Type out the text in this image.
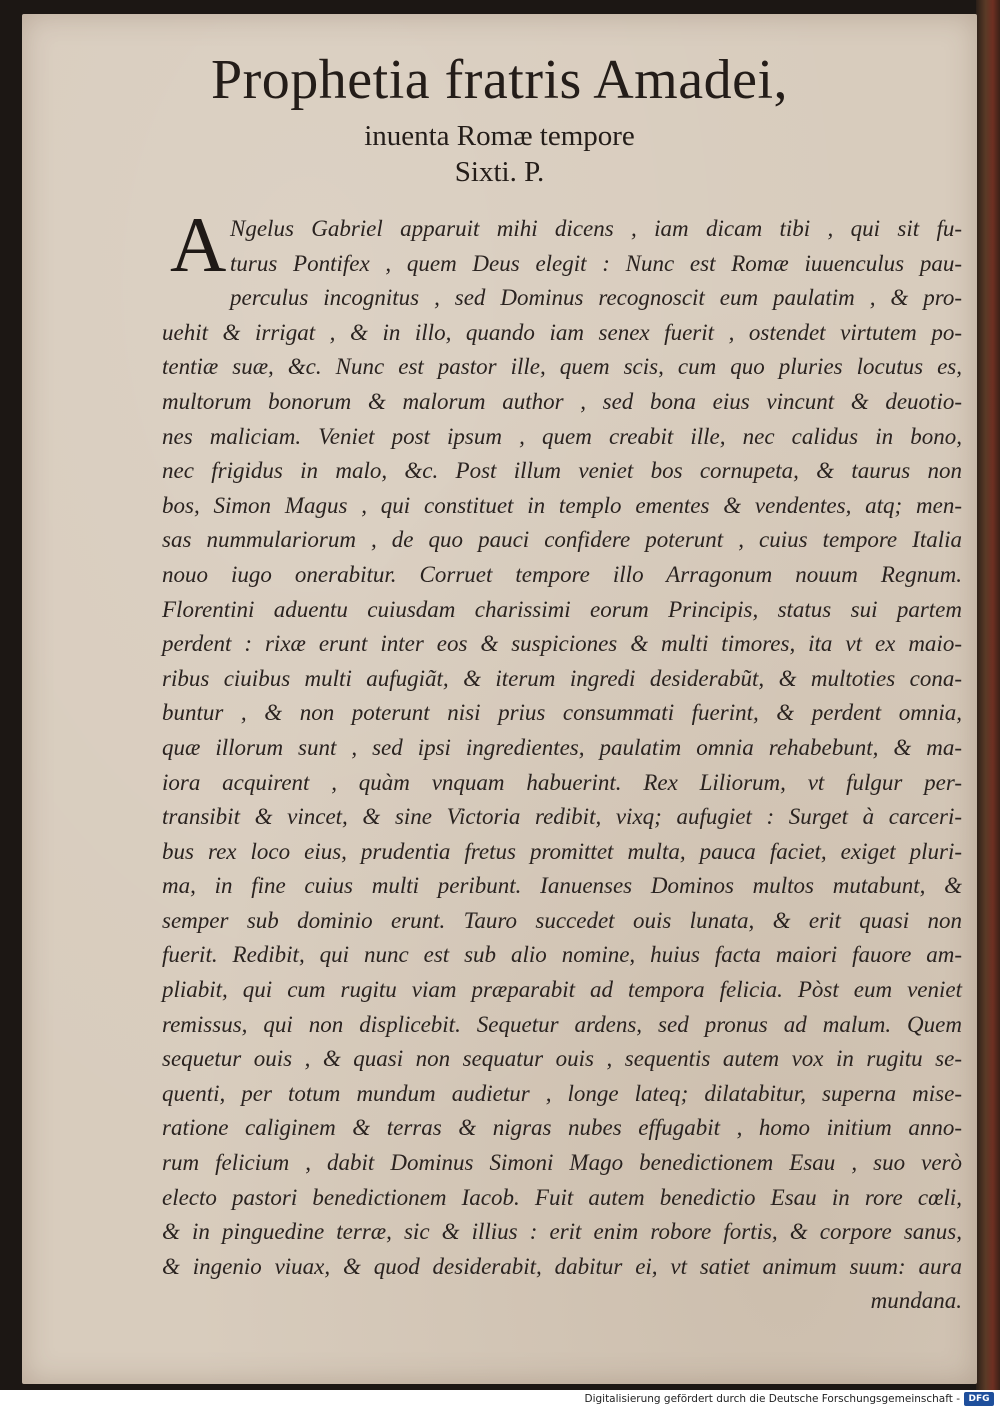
Prophetia fratris Amadei,
inuenta Romæ tempore
Sixti. P.
A Ngelus Gabriel apparuit mihi dicens , iam dicam tibi , qui sit fu-
turus Pontifex , quem Deus elegit : Nunc est Romæ iuuenculus pau-
perculus incognitus , sed Dominus recognoscit eum paulatim , & pro-
uehit & irrigat , & in illo, quando iam senex fuerit , ostendet virtutem po-
tentiæ suæ, &c. Nunc est pastor ille, quem scis, cum quo pluries locutus es,
multorum bonorum & malorum author , sed bona eius vincunt & deuotio-
nes maliciam. Veniet post ipsum , quem creabit ille, nec calidus in bono,
nec frigidus in malo, &c. Post illum veniet bos cornupeta, & taurus non
bos, Simon Magus , qui constituet in templo ementes & vendentes, atq; men-
sas nummulariorum , de quo pauci confidere poterunt , cuius tempore Italia
nouo iugo onerabitur. Corruet tempore illo Arragonum nouum Regnum.
Florentini aduentu cuiusdam charissimi eorum Principis, status sui partem
perdent : rixæ erunt inter eos & suspiciones & multi timores, ita vt ex maio-
ribus ciuibus multi aufugiãt, & iterum ingredi desiderabũt, & multoties cona-
buntur , & non poterunt nisi prius consummati fuerint, & perdent omnia,
quæ illorum sunt , sed ipsi ingredientes, paulatim omnia rehabebunt, & ma-
iora acquirent , quàm vnquam habuerint. Rex Liliorum, vt fulgur per-
transibit & vincet, & sine Victoria redibit, vixq; aufugiet : Surget à carceri-
bus rex loco eius, prudentia fretus promittet multa, pauca faciet, exiget pluri-
ma, in fine cuius multi peribunt. Ianuenses Dominos multos mutabunt, &
semper sub dominio erunt. Tauro succedet ouis lunata, & erit quasi non
fuerit. Redibit, qui nunc est sub alio nomine, huius facta maiori fauore am-
pliabit, qui cum rugitu viam præparabit ad tempora felicia. Pòst eum veniet
remissus, qui non displicebit. Sequetur ardens, sed pronus ad malum. Quem
sequetur ouis , & quasi non sequatur ouis , sequentis autem vox in rugitu se-
quenti, per totum mundum audietur , longe lateq; dilatabitur, superna mise-
ratione caliginem & terras & nigras nubes effugabit , homo initium anno-
rum felicium , dabit Dominus Simoni Mago benedictionem Esau , suo verò
electo pastori benedictionem Iacob. Fuit autem benedictio Esau in rore cœli,
& in pinguedine terræ, sic & illius : erit enim robore fortis, & corpore sanus,
& ingenio viuax, & quod desiderabit, dabitur ei, vt satiet animum suum: aura
mundana.
Digitalisierung gefördert durch die Deutsche Forschungsgemeinschaft - DFG
